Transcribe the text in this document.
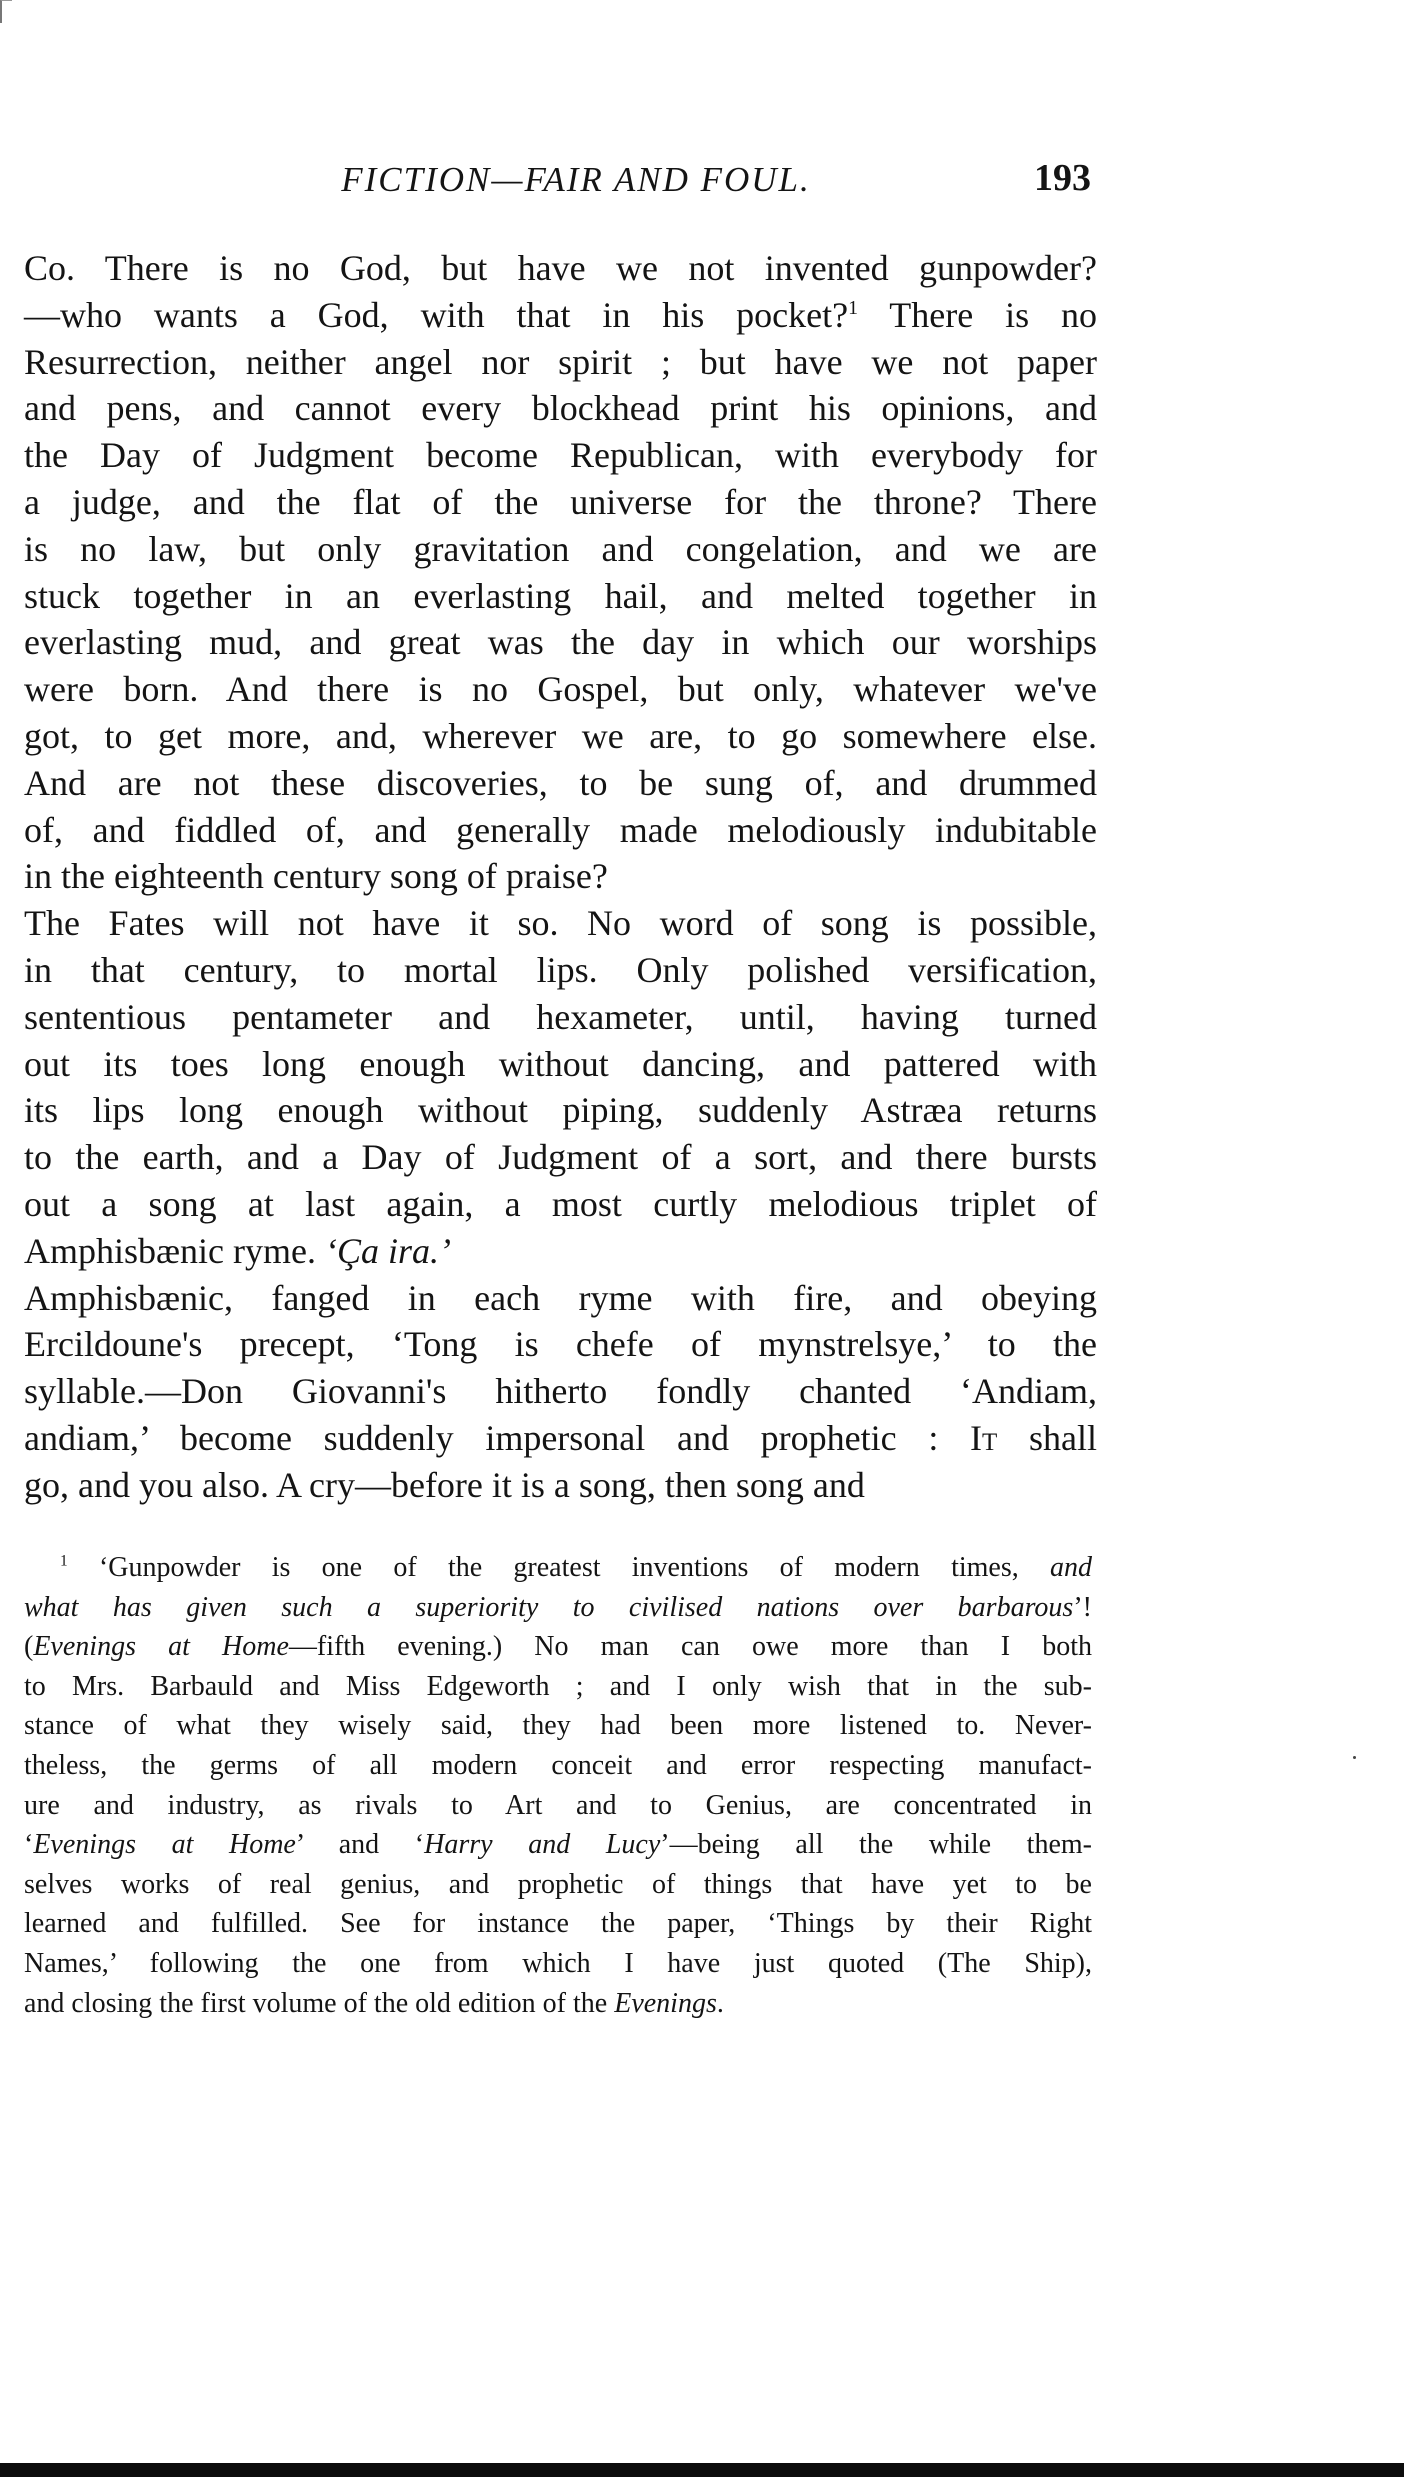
FICTION—FAIR AND FOUL.	193
Co. There is no God, but have we not invented gunpowder?
—who wants a God, with that in his pocket?$^1$ There is no
Resurrection, neither angel nor spirit ; but have we not paper
and pens, and cannot every blockhead print his opinions, and
the Day of Judgment become Republican, with everybody for
a judge, and the flat of the universe for the throne? There
is no law, but only gravitation and congelation, and we are
stuck together in an everlasting hail, and melted together in
everlasting mud, and great was the day in which our worships
were born. And there is no Gospel, but only, whatever we've
got, to get more, and, wherever we are, to go somewhere else.
And are not these discoveries, to be sung of, and drummed
of, and fiddled of, and generally made melodiously indubitable
in the eighteenth century song of praise?
The Fates will not have it so. No word of song is possible,
in that century, to mortal lips. Only polished versification,
sententious pentameter and hexameter, until, having turned
out its toes long enough without dancing, and pattered with
its lips long enough without piping, suddenly Astræa returns
to the earth, and a Day of Judgment of a sort, and there bursts
out a song at last again, a most curtly melodious triplet of
Amphisbænic ryme. ‘Ça ira.’
Amphisbænic, fanged in each ryme with fire, and obeying
Ercildoune's precept, ‘Tong is chefe of mynstrelsye,’ to the
syllable.—Don Giovanni's hitherto fondly chanted ‘Andiam,
andiam,’ become suddenly impersonal and prophetic : It shall
go, and you also. A cry—before it is a song, then song and
$^1$ ‘Gunpowder is one of the greatest inventions of modern times, and
what has given such a superiority to civilised nations over barbarous’!
(Evenings at Home—fifth evening.) No man can owe more than I both
to Mrs. Barbauld and Miss Edgeworth ; and I only wish that in the sub-
stance of what they wisely said, they had been more listened to. Never-
theless, the germs of all modern conceit and error respecting manufact-
ure and industry, as rivals to Art and to Genius, are concentrated in
‘Evenings at Home’ and ‘Harry and Lucy’—being all the while them-
selves works of real genius, and prophetic of things that have yet to be
learned and fulfilled. See for instance the paper, ‘Things by their Right
Names,’ following the one from which I have just quoted (The Ship),
and closing the first volume of the old edition of the Evenings.
